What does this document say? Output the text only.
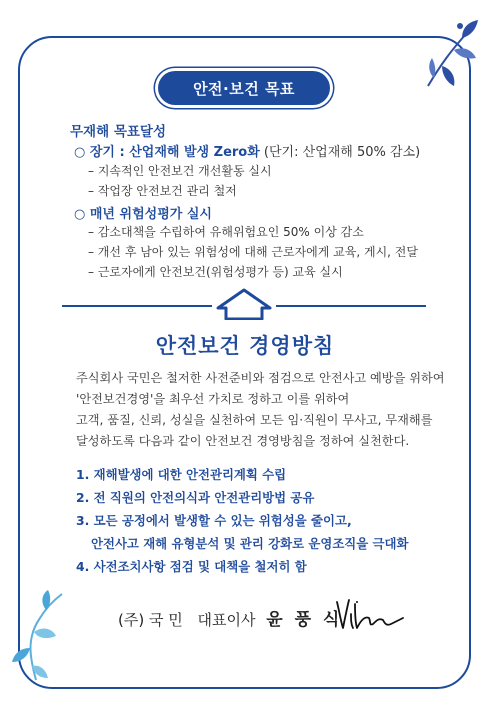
안전·보건 목표
무재해 목표달성
○ 장기 : 산업재해 발생 Zero화 (단기: 산업재해 50% 감소)
– 지속적인 안전보건 개선활동 실시
– 작업장 안전보건 관리 철저
○ 매년 위험성평가 실시
– 감소대책을 수립하여 유해위험요인 50% 이상 감소
– 개선 후 남아 있는 위험성에 대해 근로자에게 교육, 게시, 전달
– 근로자에게 안전보건(위험성평가 등) 교육 실시
안전보건 경영방침
주식회사 국민은 철저한 사전준비와 점검으로 안전사고 예방을 위하여
'안전보건경영'을 최우선 가치로 정하고 이를 위하여
고객, 품질, 신뢰, 성실을 실천하여 모든 임·직원이 무사고, 무재해를
달성하도록 다음과 같이 안전보건 경영방침을 정하여 실천한다.
1. 재해발생에 대한 안전관리계획 수립
2. 전 직원의 안전의식과 안전관리방법 공유
3. 모든 공정에서 발생할 수 있는 위험성을 줄이고,
안전사고 재해 유형분석 및 관리 강화로 운영조직을 극대화
4. 사전조치사항 점검 및 대책을 철저히 함
(주) 국 민 대표이사 윤 풍 식
